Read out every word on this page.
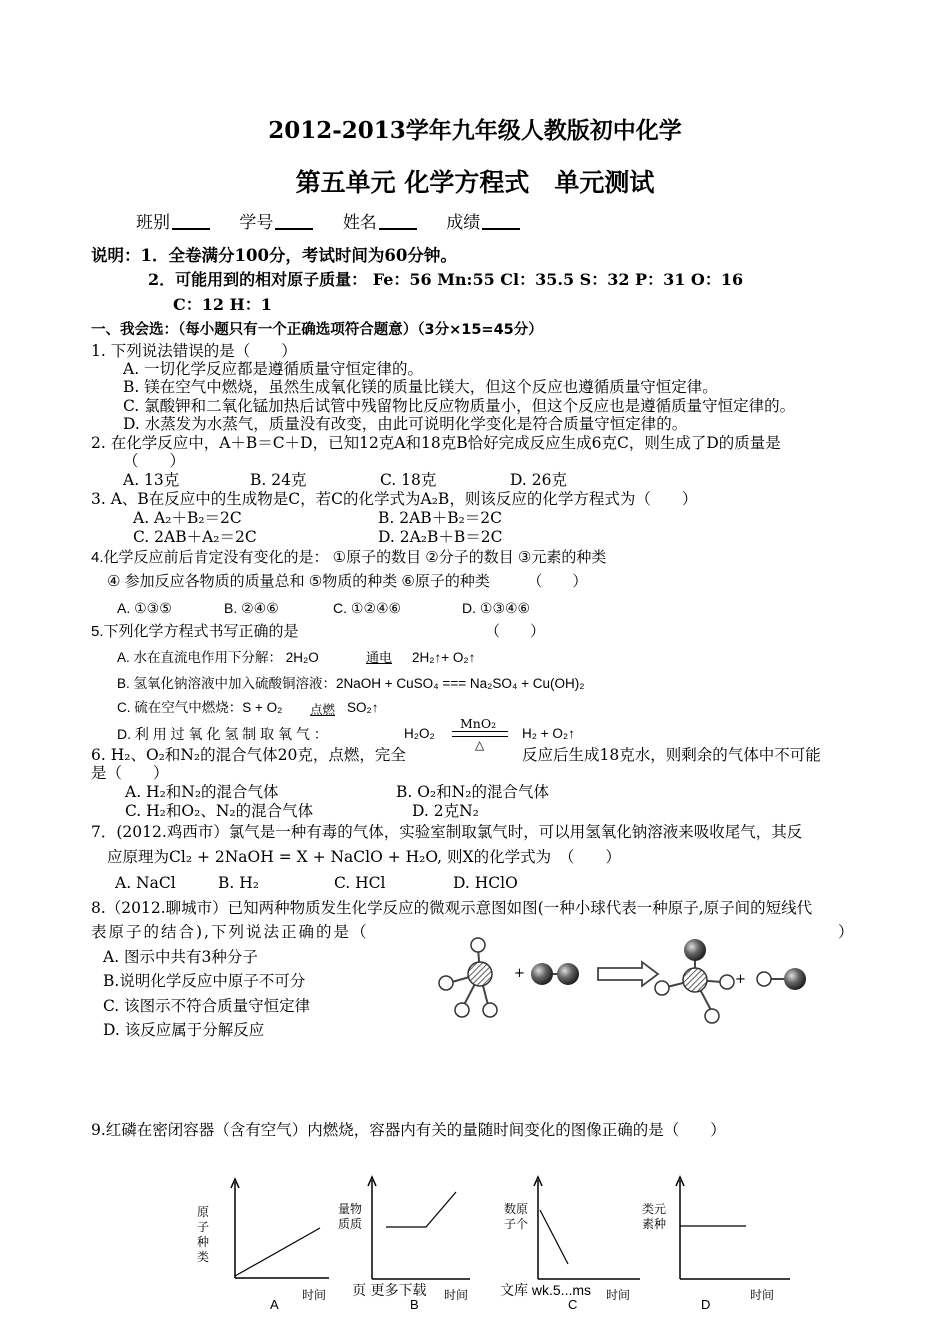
2012-2013学年九年级人教版初中化学
第五单元 化学方程式　单元测试
班别	学号	姓名	成绩
说明：1．全卷满分100分，考试时间为60分钟。
2．可能用到的相对原子质量： Fe：56 Mn:55 Cl：35.5 S：32 P：31 O：16
C：12 H：1
一、我会选：（每小题只有一个正确选项符合题意）（3分×15=45分）
1. 下列说法错误的是（　　）
A. 一切化学反应都是遵循质量守恒定律的。
B. 镁在空气中燃烧，虽然生成氧化镁的质量比镁大，但这个反应也遵循质量守恒定律。
C. 氯酸钾和二氧化锰加热后试管中残留物比反应物质量小，但这个反应也是遵循质量守恒定律的。
D. 水蒸发为水蒸气，质量没有改变，由此可说明化学变化是符合质量守恒定律的。
2. 在化学反应中，A＋B＝C＋D，已知12克A和18克B恰好完成反应生成6克C，则生成了D的质量是
（　　）
A. 13克	B. 24克	C. 18克	D. 26克
3. A、B在反应中的生成物是C，若C的化学式为A₂B，则该反应的化学方程式为（　　）
A. A₂＋B₂＝2C	B. 2AB＋B₂＝2C
C. 2AB＋A₂＝2C	D. 2A₂B＋B＝2C
4.化学反应前后肯定没有变化的是： ①原子的数目 ②分子的数目 ③元素的种类
④ 参加反应各物质的质量总和 ⑤物质的种类 ⑥原子的种类　　　（　　）
A. ①③⑤	B. ②④⑥	C. ①②④⑥	D. ①③④⑥
5.下列化学方程式书写正确的是	（　　）
A. 水在直流电作用下分解： 2H₂O	通电 2H₂↑+ O₂↑
B. 氢氧化钠溶液中加入硫酸铜溶液：2NaOH + CuSO₄ === Na₂SO₄ + Cu(OH)₂
C. 硫在空气中燃烧：S + O₂ 点燃 SO₂↑
D. 利 用 过 氧 化 氢 制 取 氧 气 ：	H₂O₂
MnO₂
△
H₂ + O₂↑
6. H₂、O₂和N₂的混合气体20克，点燃，完全	反应后生成18克水，则剩余的气体中不可能
是（　　）
A. H₂和N₂的混合气体	B. O₂和N₂的混合气体
C. H₂和O₂、N₂的混合气体	D. 2克N₂
7．(2012.鸡西市）氯气是一种有毒的气体，实验室制取氯气时，可以用氢氧化钠溶液来吸收尾气，其反
应原理为Cl₂ + 2NaOH = X + NaClO + H₂O, 则X的化学式为　（　　）
A. NaCl	B. H₂	C. HCl	D. HClO
8.（2012.聊城市）已知两种物质发生化学反应的微观示意图如图(一种小球代表一种原子,原子间的短线代
表原子的结合),下列说法正确的是（	）
A. 图示中共有3种分子
B.说明化学反应中原子不可分
C. 该图示不符合质量守恒定律
D. 该反应属于分解反应
+	+
9.红磷在密闭容器（含有空气）内燃烧，容器内有关的量随时间变化的图像正确的是（　　）
原子种类
时间
A
量物质质
时间
B
数原子个
时间
C
类元素种
时间
D
页 更多下载	文库 wk.5...ms
